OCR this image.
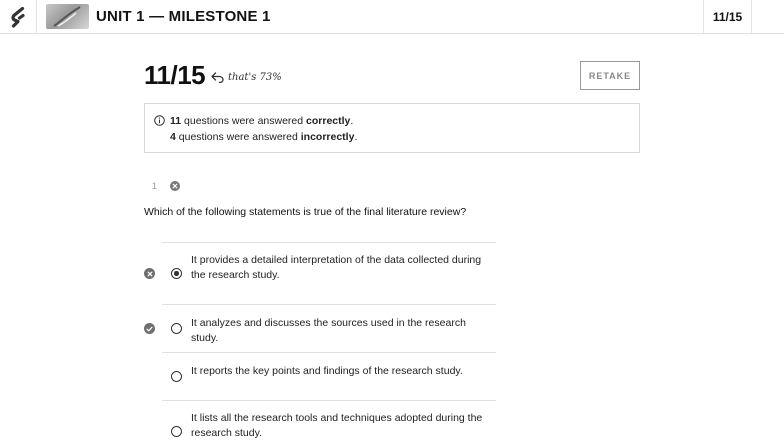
UNIT 1 — MILESTONE 1	11/15
11/15 that's 73%	RETAKE
11 questions were answered correctly.
4 questions were answered incorrectly.
1
Which of the following statements is true of the final literature review?
It provides a detailed interpretation of the data collected during the research study.
It analyzes and discusses the sources used in the research study.
It reports the key points and findings of the research study.
It lists all the research tools and techniques adopted during the research study.
